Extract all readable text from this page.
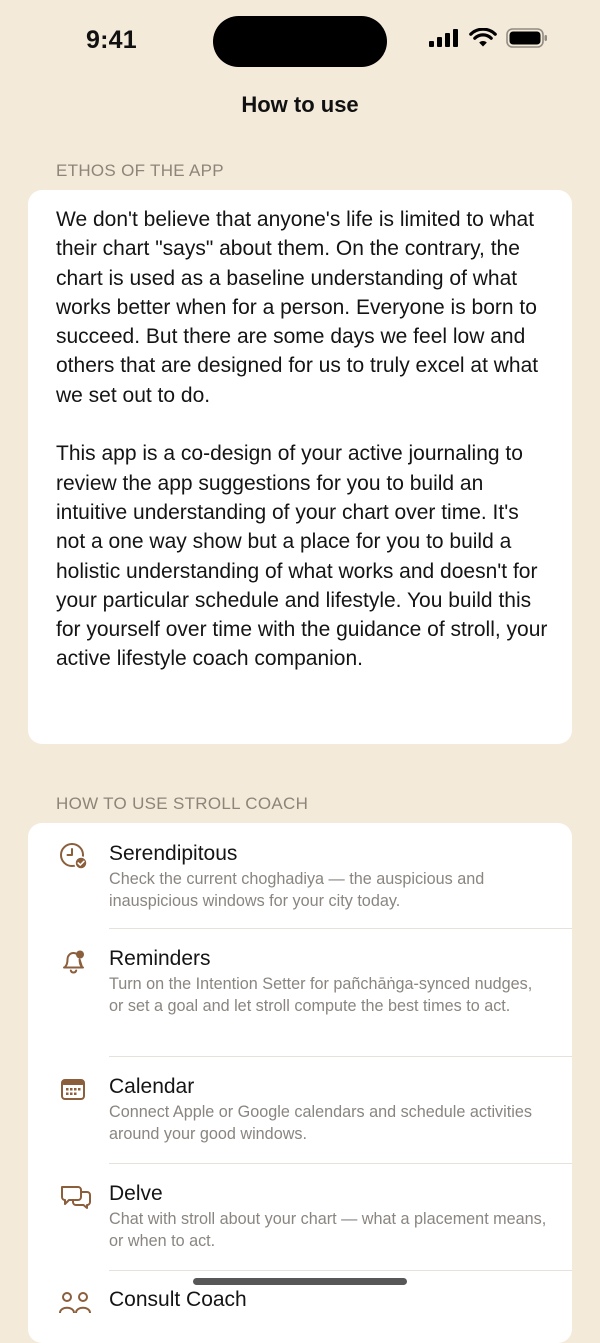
9:41
How to use
ETHOS OF THE APP

We don't believe that anyone's life is limited to what their chart "says" about them. On the contrary, the chart is used as a baseline understanding of what works better when for a person. Everyone is born to succeed. But there are some days we feel low and others that are designed for us to truly excel at what we set out to do.

This app is a co-design of your active journaling to review the app suggestions for you to build an intuitive understanding of your chart over time. It's not a one way show but a place for you to build a holistic understanding of what works and doesn't for your particular schedule and lifestyle. You build this for yourself over time with the guidance of stroll, your active lifestyle coach companion.

HOW TO USE STROLL COACH
Serendipitous
Check the current choghadiya — the auspicious and inauspicious windows for your city today.
Reminders
Turn on the Intention Setter for pañchāṅga-synced nudges, or set a goal and let stroll compute the best times to act.
Calendar
Connect Apple or Google calendars and schedule activities around your good windows.
Delve
Chat with stroll about your chart — what a placement means, or when to act.
Consult Coach
